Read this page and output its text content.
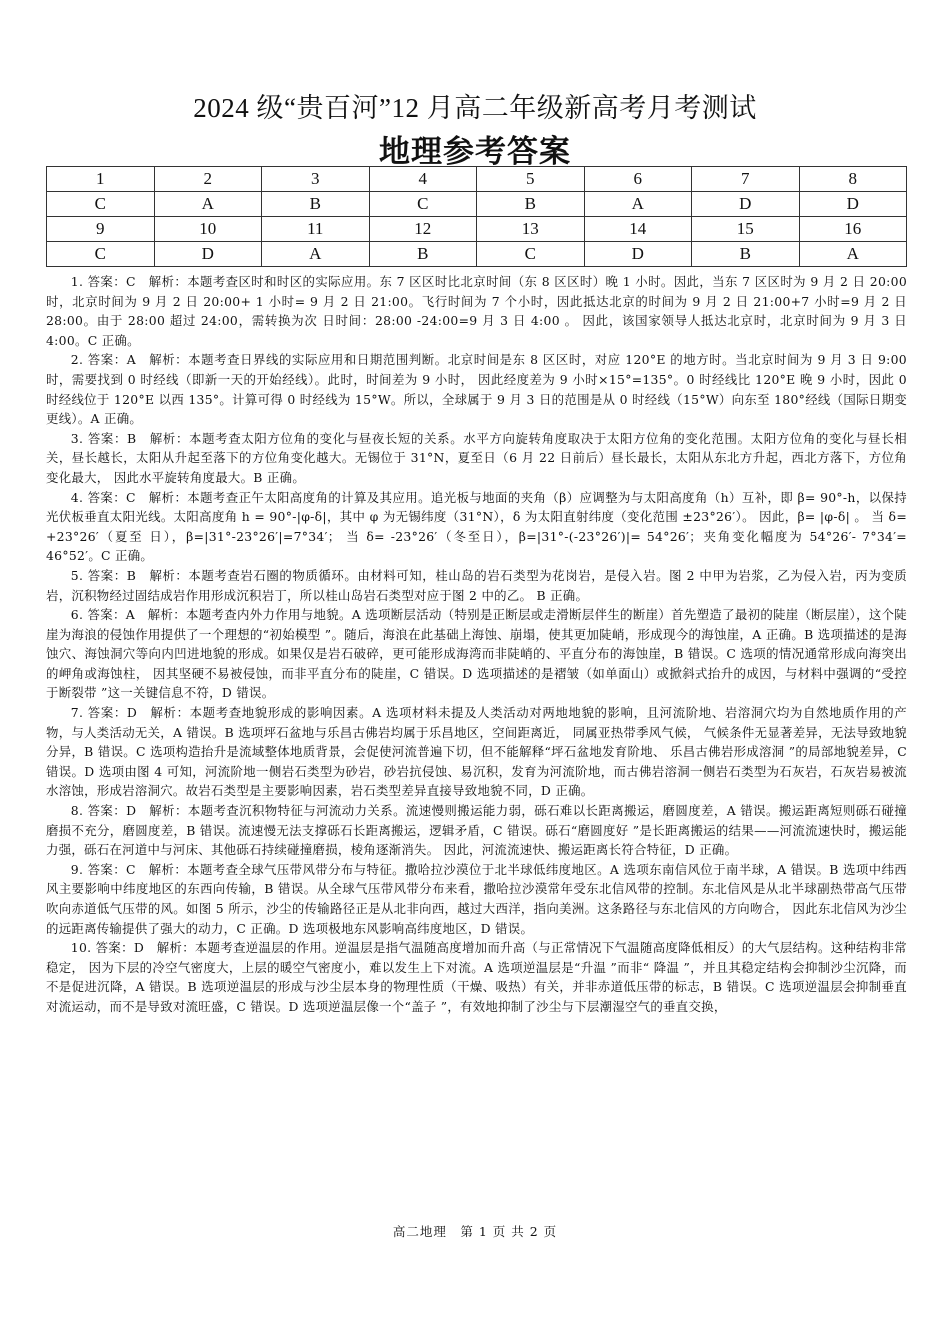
2024 级“贵百河”12 月高二年级新高考月考测试
地理参考答案
1	2	3	4	5	6	7	8
C	A	B	C	B	A	D	D
9	10	11	12	13	14	15	16
C	D	A	B	C	D	B	A

1. 答案：C　解析：本题考查区时和时区的实际应用。东 7 区区时比北京时间（东 8 区区时）晚 1 小时。因此，当东 7 区区时为 9 月 2 日 20:00 时，北京时间为 9 月 2 日 20:00+ 1 小时= 9 月 2 日 21:00。飞行时间为 7 个小时，因此抵达北京的时间为 9 月 2 日 21:00+7 小时=9 月 2 日 28:00。由于 28:00 超过 24:00，需转换为次 日时间：28:00 -24:00=9 月 3 日 4:00 。 因此，该国家领导人抵达北京时，北京时间为 9 月 3 日 4:00。C 正确。

2. 答案：A　解析：本题考查日界线的实际应用和日期范围判断。北京时间是东 8 区区时，对应 120°E 的地方时。当北京时间为 9 月 3 日 9:00 时，需要找到 0 时经线（即新一天的开始经线）。此时，时间差为 9 小时， 因此经度差为 9 小时×15°=135°。0 时经线比 120°E 晚 9 小时，因此 0 时经线位于 120°E 以西 135°。计算可得 0 时经线为 15°W。所以，全球属于 9 月 3 日的范围是从 0 时经线（15°W）向东至 180°经线（国际日期变更线）。A 正确。

3. 答案：B　解析：本题考查太阳方位角的变化与昼夜长短的关系。水平方向旋转角度取决于太阳方位角的变化范围。太阳方位角的变化与昼长相关，昼长越长，太阳从升起至落下的方位角变化越大。无锡位于 31°N，夏至日（6 月 22 日前后）昼长最长，太阳从东北方升起，西北方落下，方位角变化最大， 因此水平旋转角度最大。B 正确。

4. 答案：C　解析：本题考查正午太阳高度角的计算及其应用。追光板与地面的夹角（β）应调整为与太阳高度角（h）互补，即 β= 90°-h，以保持光伏板垂直太阳光线。太阳高度角 h = 90°-|φ-δ|，其中 φ 为无锡纬度（31°N），δ 为太阳直射纬度（变化范围 ±23°26′）。 因此，β= |φ-δ| 。 当 δ= +23°26′（夏至 日），β=|31°-23°26′|=7°34′； 当 δ= -23°26′（冬至日），β=|31°-(-23°26′)|= 54°26′；夹角变化幅度为 54°26′- 7°34′= 46°52′。C 正确。

5. 答案：B　解析：本题考查岩石圈的物质循环。由材料可知，桂山岛的岩石类型为花岗岩，是侵入岩。图 2 中甲为岩浆，乙为侵入岩，丙为变质岩，沉积物经过固结成岩作用形成沉积岩丁，所以桂山岛岩石类型对应于图 2 中的乙。 B 正确。

6. 答案：A　解析：本题考查内外力作用与地貌。A 选项断层活动（特别是正断层或走滑断层伴生的断崖）首先塑造了最初的陡崖（断层崖），这个陡崖为海浪的侵蚀作用提供了一个理想的“初始模型 ”。随后，海浪在此基础上海蚀、崩塌，使其更加陡峭，形成现今的海蚀崖，A 正确。B 选项描述的是海蚀穴、海蚀洞穴等向内凹进地貌的形成。如果仅是岩石破碎，更可能形成海湾而非陡峭的、平直分布的海蚀崖，B 错误。C 选项的情况通常形成向海突出的岬角或海蚀柱， 因其坚硬不易被侵蚀，而非平直分布的陡崖，C 错误。D 选项描述的是褶皱（如单面山）或掀斜式抬升的成因，与材料中强调的“受控于断裂带 ”这一关键信息不符，D 错误。

7. 答案：D　解析：本题考查地貌形成的影响因素。A 选项材料未提及人类活动对两地地貌的影响，且河流阶地、岩溶洞穴均为自然地质作用的产物，与人类活动无关，A 错误。B 选项坪石盆地与乐昌古佛岩均属于乐昌地区，空间距离近， 同属亚热带季风气候， 气候条件无显著差异，无法导致地貌分异，B 错误。C 选项构造抬升是流域整体地质背景，会促使河流普遍下切，但不能解释“坪石盆地发育阶地、 乐昌古佛岩形成溶洞 ”的局部地貌差异，C 错误。D 选项由图 4 可知，河流阶地一侧岩石类型为砂岩，砂岩抗侵蚀、易沉积，发育为河流阶地，而古佛岩溶洞一侧岩石类型为石灰岩，石灰岩易被流水溶蚀，形成岩溶洞穴。故岩石类型是主要影响因素，岩石类型差异直接导致地貌不同，D 正确。

8. 答案：D　解析：本题考查沉积物特征与河流动力关系。流速慢则搬运能力弱，砾石难以长距离搬运，磨圆度差，A 错误。搬运距离短则砾石碰撞磨损不充分，磨圆度差，B 错误。流速慢无法支撑砾石长距离搬运，逻辑矛盾，C 错误。砾石“磨圆度好 ”是长距离搬运的结果——河流流速快时，搬运能力强，砾石在河道中与河床、其他砾石持续碰撞磨损，棱角逐渐消失。 因此，河流流速快、搬运距离长符合特征，D 正确。

9. 答案：C　解析：本题考查全球气压带风带分布与特征。撒哈拉沙漠位于北半球低纬度地区。A 选项东南信风位于南半球，A 错误。B 选项中纬西风主要影响中纬度地区的东西向传输，B 错误。从全球气压带风带分布来看，撒哈拉沙漠常年受东北信风带的控制。东北信风是从北半球副热带高气压带吹向赤道低气压带的风。如图 5 所示，沙尘的传输路径正是从北非向西，越过大西洋，指向美洲。这条路径与东北信风的方向吻合， 因此东北信风为沙尘的远距离传输提供了强大的动力，C 正确。D 选项极地东风影响高纬度地区，D 错误。

10. 答案：D　解析：本题考查逆温层的作用。逆温层是指气温随高度增加而升高（与正常情况下气温随高度降低相反）的大气层结构。这种结构非常稳定， 因为下层的冷空气密度大，上层的暖空气密度小，难以发生上下对流。A 选项逆温层是“升温 ”而非“ 降温 ”，并且其稳定结构会抑制沙尘沉降，而不是促进沉降，A 错误。B 选项逆温层的形成与沙尘层本身的物理性质（干燥、吸热）有关，并非赤道低压带的标志，B 错误。C 选项逆温层会抑制垂直对流运动，而不是导致对流旺盛，C 错误。D 选项逆温层像一个“盖子 ”，有效地抑制了沙尘与下层潮湿空气的垂直交换，

高二地理　第 1 页 共 2 页
